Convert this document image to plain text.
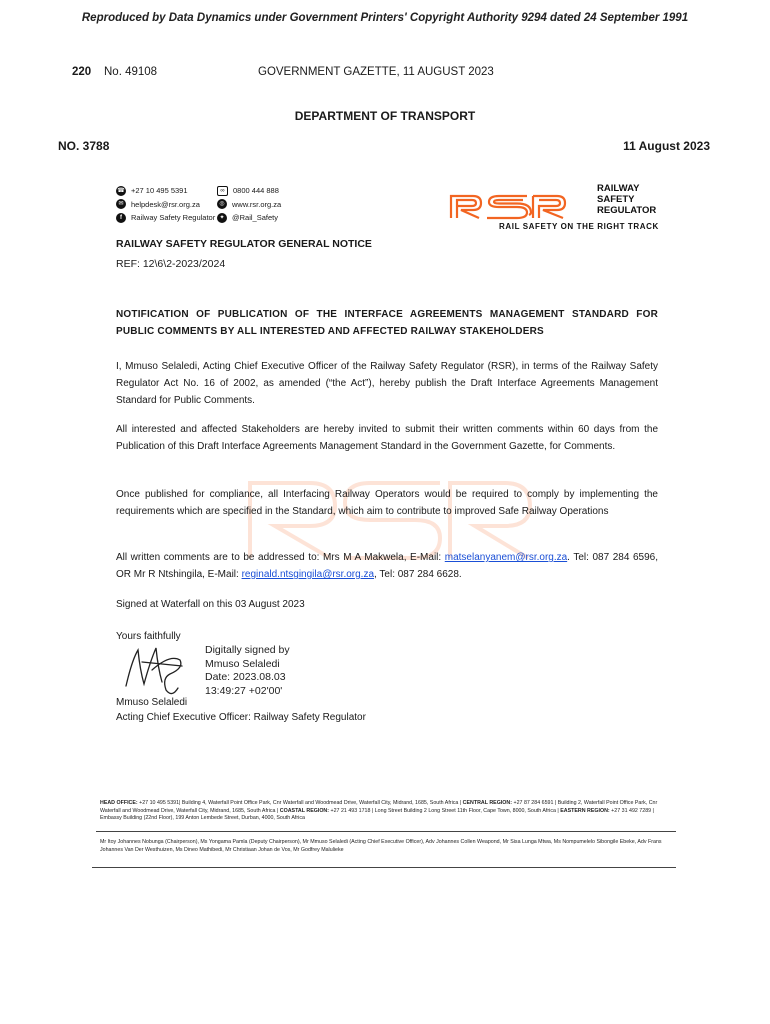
Reproduced by Data Dynamics under Government Printers' Copyright Authority 9294 dated 24 September 1991
220 No. 49108	GOVERNMENT GAZETTE, 11 AUGUST 2023
DEPARTMENT OF TRANSPORT
NO. 3788	11 August 2023
☎ +27 10 495 5391	∞	0800 444 888
✉ helpdesk@rsr.org.za	◎ www.rsr.org.za
f	Railway Safety Regulator ✦ @Rail_Safety
RAILWAY
SAFETY
REGULATOR
RAIL SAFETY ON THE RIGHT TRACK
RAILWAY SAFETY REGULATOR GENERAL NOTICE
REF: 12\6\2-2023/2024
NOTIFICATION OF PUBLICATION OF THE INTERFACE AGREEMENTS MANAGEMENT STANDARD FOR PUBLIC COMMENTS BY ALL INTERESTED AND AFFECTED RAILWAY STAKEHOLDERS
I, Mmuso Selaledi, Acting Chief Executive Officer of the Railway Safety Regulator (RSR), in terms of the Railway Safety Regulator Act No. 16 of 2002, as amended (“the Act”), hereby publish the Draft Interface Agreements Management Standard for Public Comments.
All interested and affected Stakeholders are hereby invited to submit their written comments within 60 days from the Publication of this Draft Interface Agreements Management Standard in the Government Gazette, for Comments.
Once published for compliance, all Interfacing Railway Operators would be required to comply by implementing the requirements which are specified in the Standard, which aim to contribute to improved Safe Railway Operations
All written comments are to be addressed to: Mrs M A Makwela, E-Mail: matselanyanem@rsr.org.za. Tel: 087 284 6596, OR Mr R Ntshingila, E-Mail: reginald.ntsgingila@rsr.org.za, Tel: 087 284 6628.
Signed at Waterfall on this 03 August 2023
Yours faithfully
Digitally signed by
Mmuso Selaledi
Date: 2023.08.03
13:49:27 +02'00'
Mmuso Selaledi
Acting Chief Executive Officer: Railway Safety Regulator
HEAD OFFICE: +27 10 495 5391| Building 4, Waterfall Point Office Park, Cnr Waterfall and Woodmead Drive, Waterfall City, Midrand, 1685, South Africa | CENTRAL REGION: +27 87 284 6591 | Building 2, Waterfall Point Office Park, Cnr Waterfall and Woodmead Drive, Waterfall City, Midrand, 1685, South Africa | COASTAL REGION: +27 21 493 1718 | Long Street Building 2 Long Street 11th Floor, Cape Town, 8000, South Africa | EASTERN REGION: +27 31 492 7289 | Embassy Building (22nd Floor), 199 Anton Lembede Street, Durban, 4000, South Africa
Mr Itoy Johannes Nobunga (Chairperson), Ms Yongama Pamla (Deputy Chairperson), Mr Mmuso Selaledi (Acting Chief Executive Officer), Adv Johannes Collen Weapond, Mr Sisa Lunga Mtwa, Ms Nompumelelo Sibongile Ebeke, Adv Frans Johannes Van Der Westhuizen, Ms Dineo Mathibedi, Mr Christiaan Johan de Vos, Mr Godfrey Malulieke
